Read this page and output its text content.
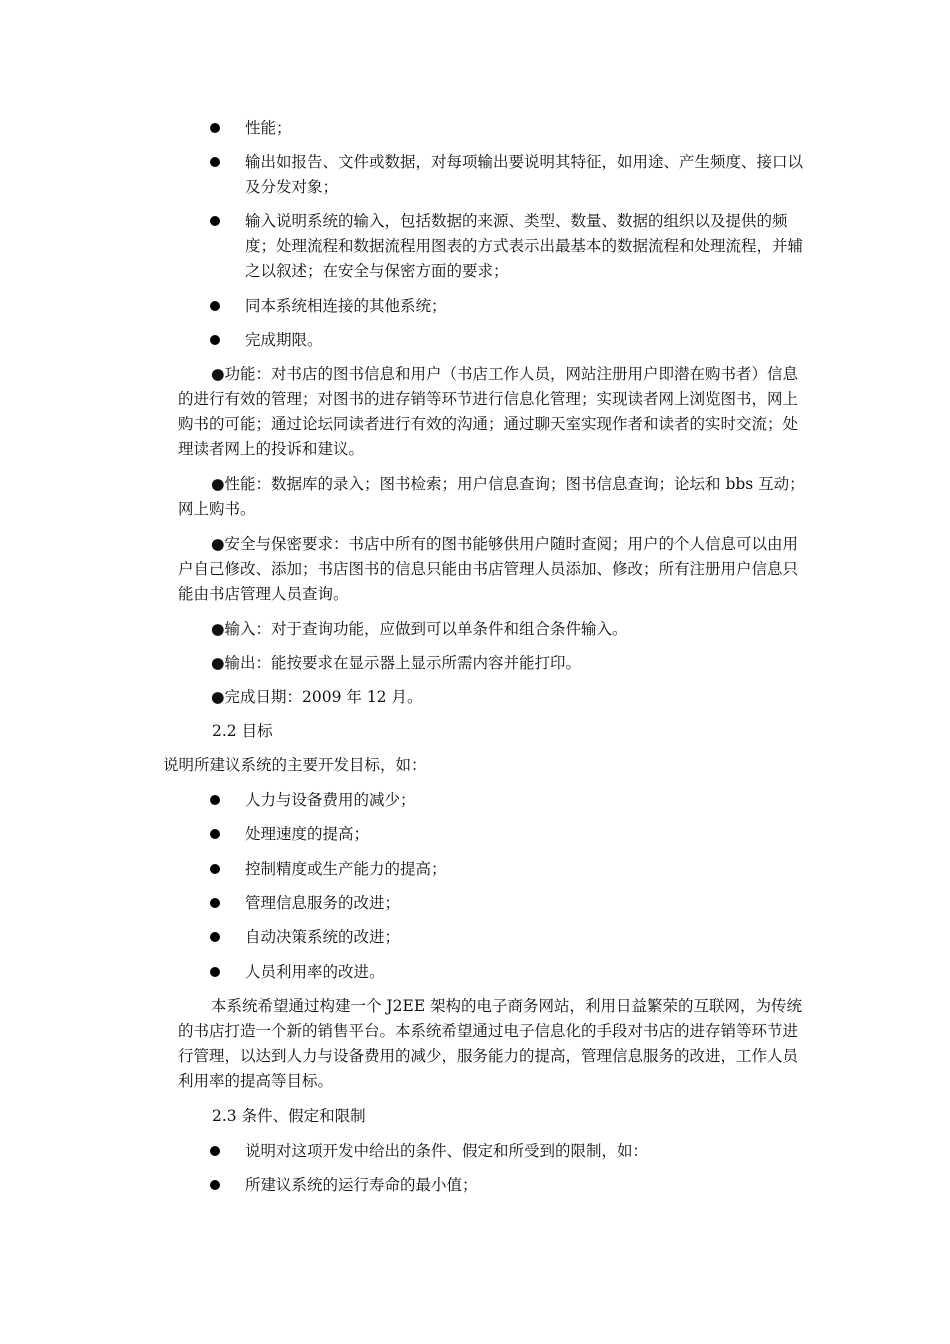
性能；
输出如报告、文件或数据，对每项输出要说明其特征，如用途、产生频度、接口以及分发对象；
输入说明系统的输入，包括数据的来源、类型、数量、数据的组织以及提供的频度；处理流程和数据流程用图表的方式表示出最基本的数据流程和处理流程，并辅之以叙述；在安全与保密方面的要求；
同本系统相连接的其他系统；
完成期限。

●功能：对书店的图书信息和用户（书店工作人员，网站注册用户即潜在购书者）信息的进行有效的管理；对图书的进存销等环节进行信息化管理；实现读者网上浏览图书，网上购书的可能；通过论坛同读者进行有效的沟通；通过聊天室实现作者和读者的实时交流；处理读者网上的投诉和建议。

●性能：数据库的录入；图书检索；用户信息查询；图书信息查询；论坛和 bbs 互动；网上购书。

●安全与保密要求：书店中所有的图书能够供用户随时查阅；用户的个人信息可以由用户自己修改、添加；书店图书的信息只能由书店管理人员添加、修改；所有注册用户信息只能由书店管理人员查询。

●输入：对于查询功能，应做到可以单条件和组合条件输入。

●输出：能按要求在显示器上显示所需内容并能打印。

●完成日期：2009 年 12 月。

2.2 目标

说明所建议系统的主要开发目标，如：

人力与设备费用的减少；
处理速度的提高；
控制精度或生产能力的提高；
管理信息服务的改进；
自动决策系统的改进；
人员利用率的改进。

本系统希望通过构建一个 J2EE 架构的电子商务网站，利用日益繁荣的互联网，为传统的书店打造一个新的销售平台。本系统希望通过电子信息化的手段对书店的进存销等环节进行管理，以达到人力与设备费用的减少，服务能力的提高，管理信息服务的改进，工作人员利用率的提高等目标。

2.3 条件、假定和限制

说明对这项开发中给出的条件、假定和所受到的限制，如：
所建议系统的运行寿命的最小值；
